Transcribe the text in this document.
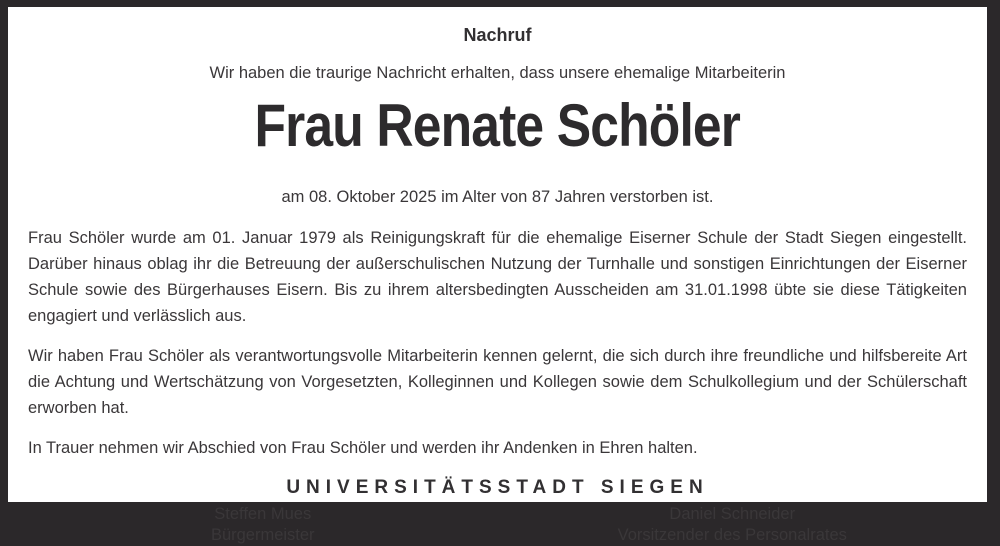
Nachruf
Wir haben die traurige Nachricht erhalten, dass unsere ehemalige Mitarbeiterin
Frau Renate Schöler
am 08. Oktober 2025 im Alter von 87 Jahren verstorben ist.

Frau Schöler wurde am 01. Januar 1979 als Reinigungskraft für die ehemalige Eiserner Schule der Stadt Siegen eingestellt. Darüber hinaus oblag ihr die Betreuung der außerschulischen Nutzung der Turnhalle und sonstigen Einrichtungen der Eiserner Schule sowie des Bürgerhauses Eisern. Bis zu ihrem altersbedingten Ausscheiden am 31.01.1998 übte sie diese Tätigkeiten engagiert und verlässlich aus.

Wir haben Frau Schöler als verantwortungsvolle Mitarbeiterin kennen gelernt, die sich durch ihre freundliche und hilfsbereite Art die Achtung und Wertschätzung von Vorgesetzten, Kolleginnen und Kollegen sowie dem Schulkollegium und der Schülerschaft erworben hat.

In Trauer nehmen wir Abschied von Frau Schöler und werden ihr Andenken in Ehren halten.

UNIVERSITÄTSSTADT SIEGEN
Steffen Mues
Bürgermeister
Daniel Schneider
Vorsitzender des Personalrates
